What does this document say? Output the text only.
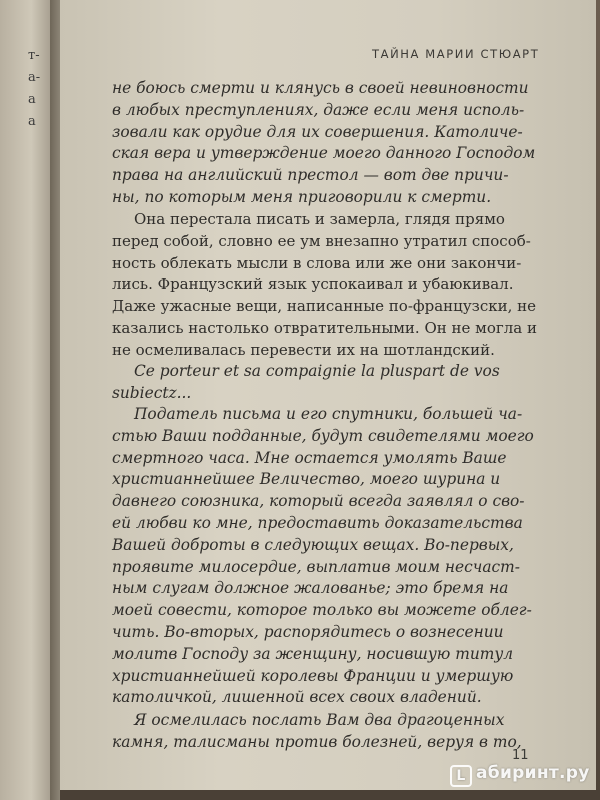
т-
а-
а
а
ТАЙНА МАРИИ СТЮАРТ
не боюсь смерти и клянусь в своей невиновности
в любых преступлениях, даже если меня исполь-
зовали как орудие для их совершения. Католиче-
ская вера и утверждение моего данного Господом
права на английский престол — вот две причи-
ны, по которым меня приговорили к смерти.
Она перестала писать и замерла, глядя прямо
перед собой, словно ее ум внезапно утратил способ-
ность облекать мысли в слова или же они закончи-
лись. Французский язык успокаивал и убаюкивал.
Даже ужасные вещи, написанные по-французски, не
казались настолько отвратительными. Он не могла и
не осмеливалась перевести их на шотландский.
Ce porteur et sa compaignie la pluspart de vos
subiectz...
Податель письма и его спутники, большей ча-
стью Ваши подданные, будут свидетелями моего
смертного часа. Мне остается умолять Ваше
христианнейшее Величество, моего шурина и
давнего союзника, который всегда заявлял о сво-
ей любви ко мне, предоставить доказательства
Вашей доброты в следующих вещах. Во-первых,
проявите милосердие, выплатив моим несчаст-
ным слугам должное жалованье; это бремя на
моей совести, которое только вы можете облег-
чить. Во-вторых, распорядитесь о вознесении
молитв Господу за женщину, носившую титул
христианнейшей королевы Франции и умершую
католичкой, лишенной всех своих владений.
Я осмелилась послать Вам два драгоценных
камня, талисманы против болезней, веруя в то,
11
L абиринт.ру
